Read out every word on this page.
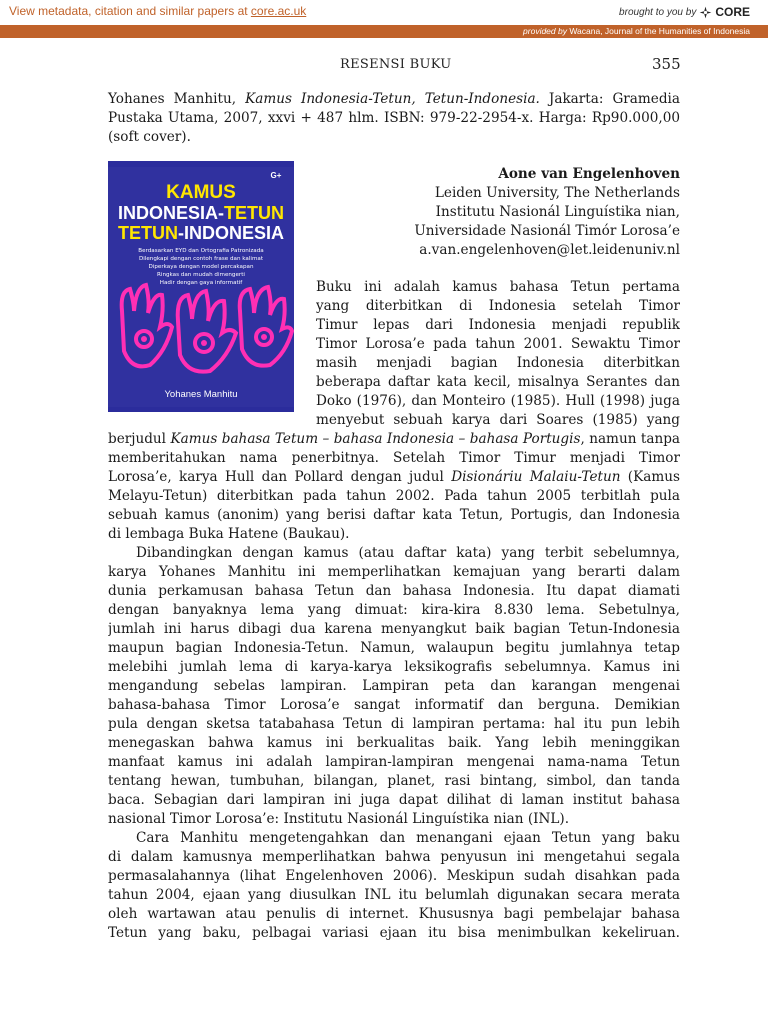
View metadata, citation and similar papers at core.ac.uk	brought to you by CORE
provided by Wacana, Journal of the Humanities of Indonesia
RESENSI BUKU	355
Yohanes Manhitu, Kamus Indonesia-Tetun, Tetun-Indonesia. Jakarta: Gramedia
Pustaka Utama, 2007, xxvi + 487 hlm. ISBN: 979-22-2954-x. Harga: Rp90.000,00
(soft cover).
G+
KAMUS
INDONESIA-TETUN
TETUN-INDONESIA
Berdasarkan EYD dan Ortografia Patronizada
Dilengkapi dengan contoh frase dan kalimat
Diperkaya dengan model percakapan
Ringkas dan mudah dimengerti
Hadir dengan gaya informatif
Yohanes Manhitu
Aone van Engelenhoven
Leiden University, The Netherlands
Institutu Nasionál Linguístika nian,
Universidade Nasionál Timór Lorosa’e
a.van.engelenhoven@let.leidenuniv.nl
Buku ini adalah kamus bahasa Tetun pertama
yang diterbitkan di Indonesia setelah Timor
Timur lepas dari Indonesia menjadi republik
Timor Lorosa’e pada tahun 2001. Sewaktu Timor
masih menjadi bagian Indonesia diterbitkan
beberapa daftar kata kecil, misalnya Serantes dan
Doko (1976), dan Monteiro (1985). Hull (1998) juga
menyebut sebuah karya dari Soares (1985) yang
berjudul Kamus bahasa Tetum – bahasa Indonesia – bahasa Portugis, namun tanpa
memberitahukan nama penerbitnya. Setelah Timor Timur menjadi Timor
Lorosa’e, karya Hull dan Pollard dengan judul Disionáriu Malaiu-Tetun (Kamus
Melayu-Tetun) diterbitkan pada tahun 2002. Pada tahun 2005 terbitlah pula
sebuah kamus (anonim) yang berisi daftar kata Tetun, Portugis, dan Indonesia
di lembaga Buka Hatene (Baukau).
Dibandingkan dengan kamus (atau daftar kata) yang terbit sebelumnya,
karya Yohanes Manhitu ini memperlihatkan kemajuan yang berarti dalam
dunia perkamusan bahasa Tetun dan bahasa Indonesia. Itu dapat diamati
dengan banyaknya lema yang dimuat: kira-kira 8.830 lema. Sebetulnya,
jumlah ini harus dibagi dua karena menyangkut baik bagian Tetun-Indonesia
maupun bagian Indonesia-Tetun. Namun, walaupun begitu jumlahnya tetap
melebihi jumlah lema di karya-karya leksikografis sebelumnya. Kamus ini
mengandung sebelas lampiran. Lampiran peta dan karangan mengenai
bahasa-bahasa Timor Lorosa’e sangat informatif dan berguna. Demikian
pula dengan sketsa tatabahasa Tetun di lampiran pertama: hal itu pun lebih
menegaskan bahwa kamus ini berkualitas baik. Yang lebih meninggikan
manfaat kamus ini adalah lampiran-lampiran mengenai nama-nama Tetun
tentang hewan, tumbuhan, bilangan, planet, rasi bintang, simbol, dan tanda
baca. Sebagian dari lampiran ini juga dapat dilihat di laman institut bahasa
nasional Timor Lorosa’e: Institutu Nasionál Linguístika nian (INL).
Cara Manhitu mengetengahkan dan menangani ejaan Tetun yang baku
di dalam kamusnya memperlihatkan bahwa penyusun ini mengetahui segala
permasalahannya (lihat Engelenhoven 2006). Meskipun sudah disahkan pada
tahun 2004, ejaan yang diusulkan INL itu belumlah digunakan secara merata
oleh wartawan atau penulis di internet. Khususnya bagi pembelajar bahasa
Tetun yang baku, pelbagai variasi ejaan itu bisa menimbulkan kekeliruan.
